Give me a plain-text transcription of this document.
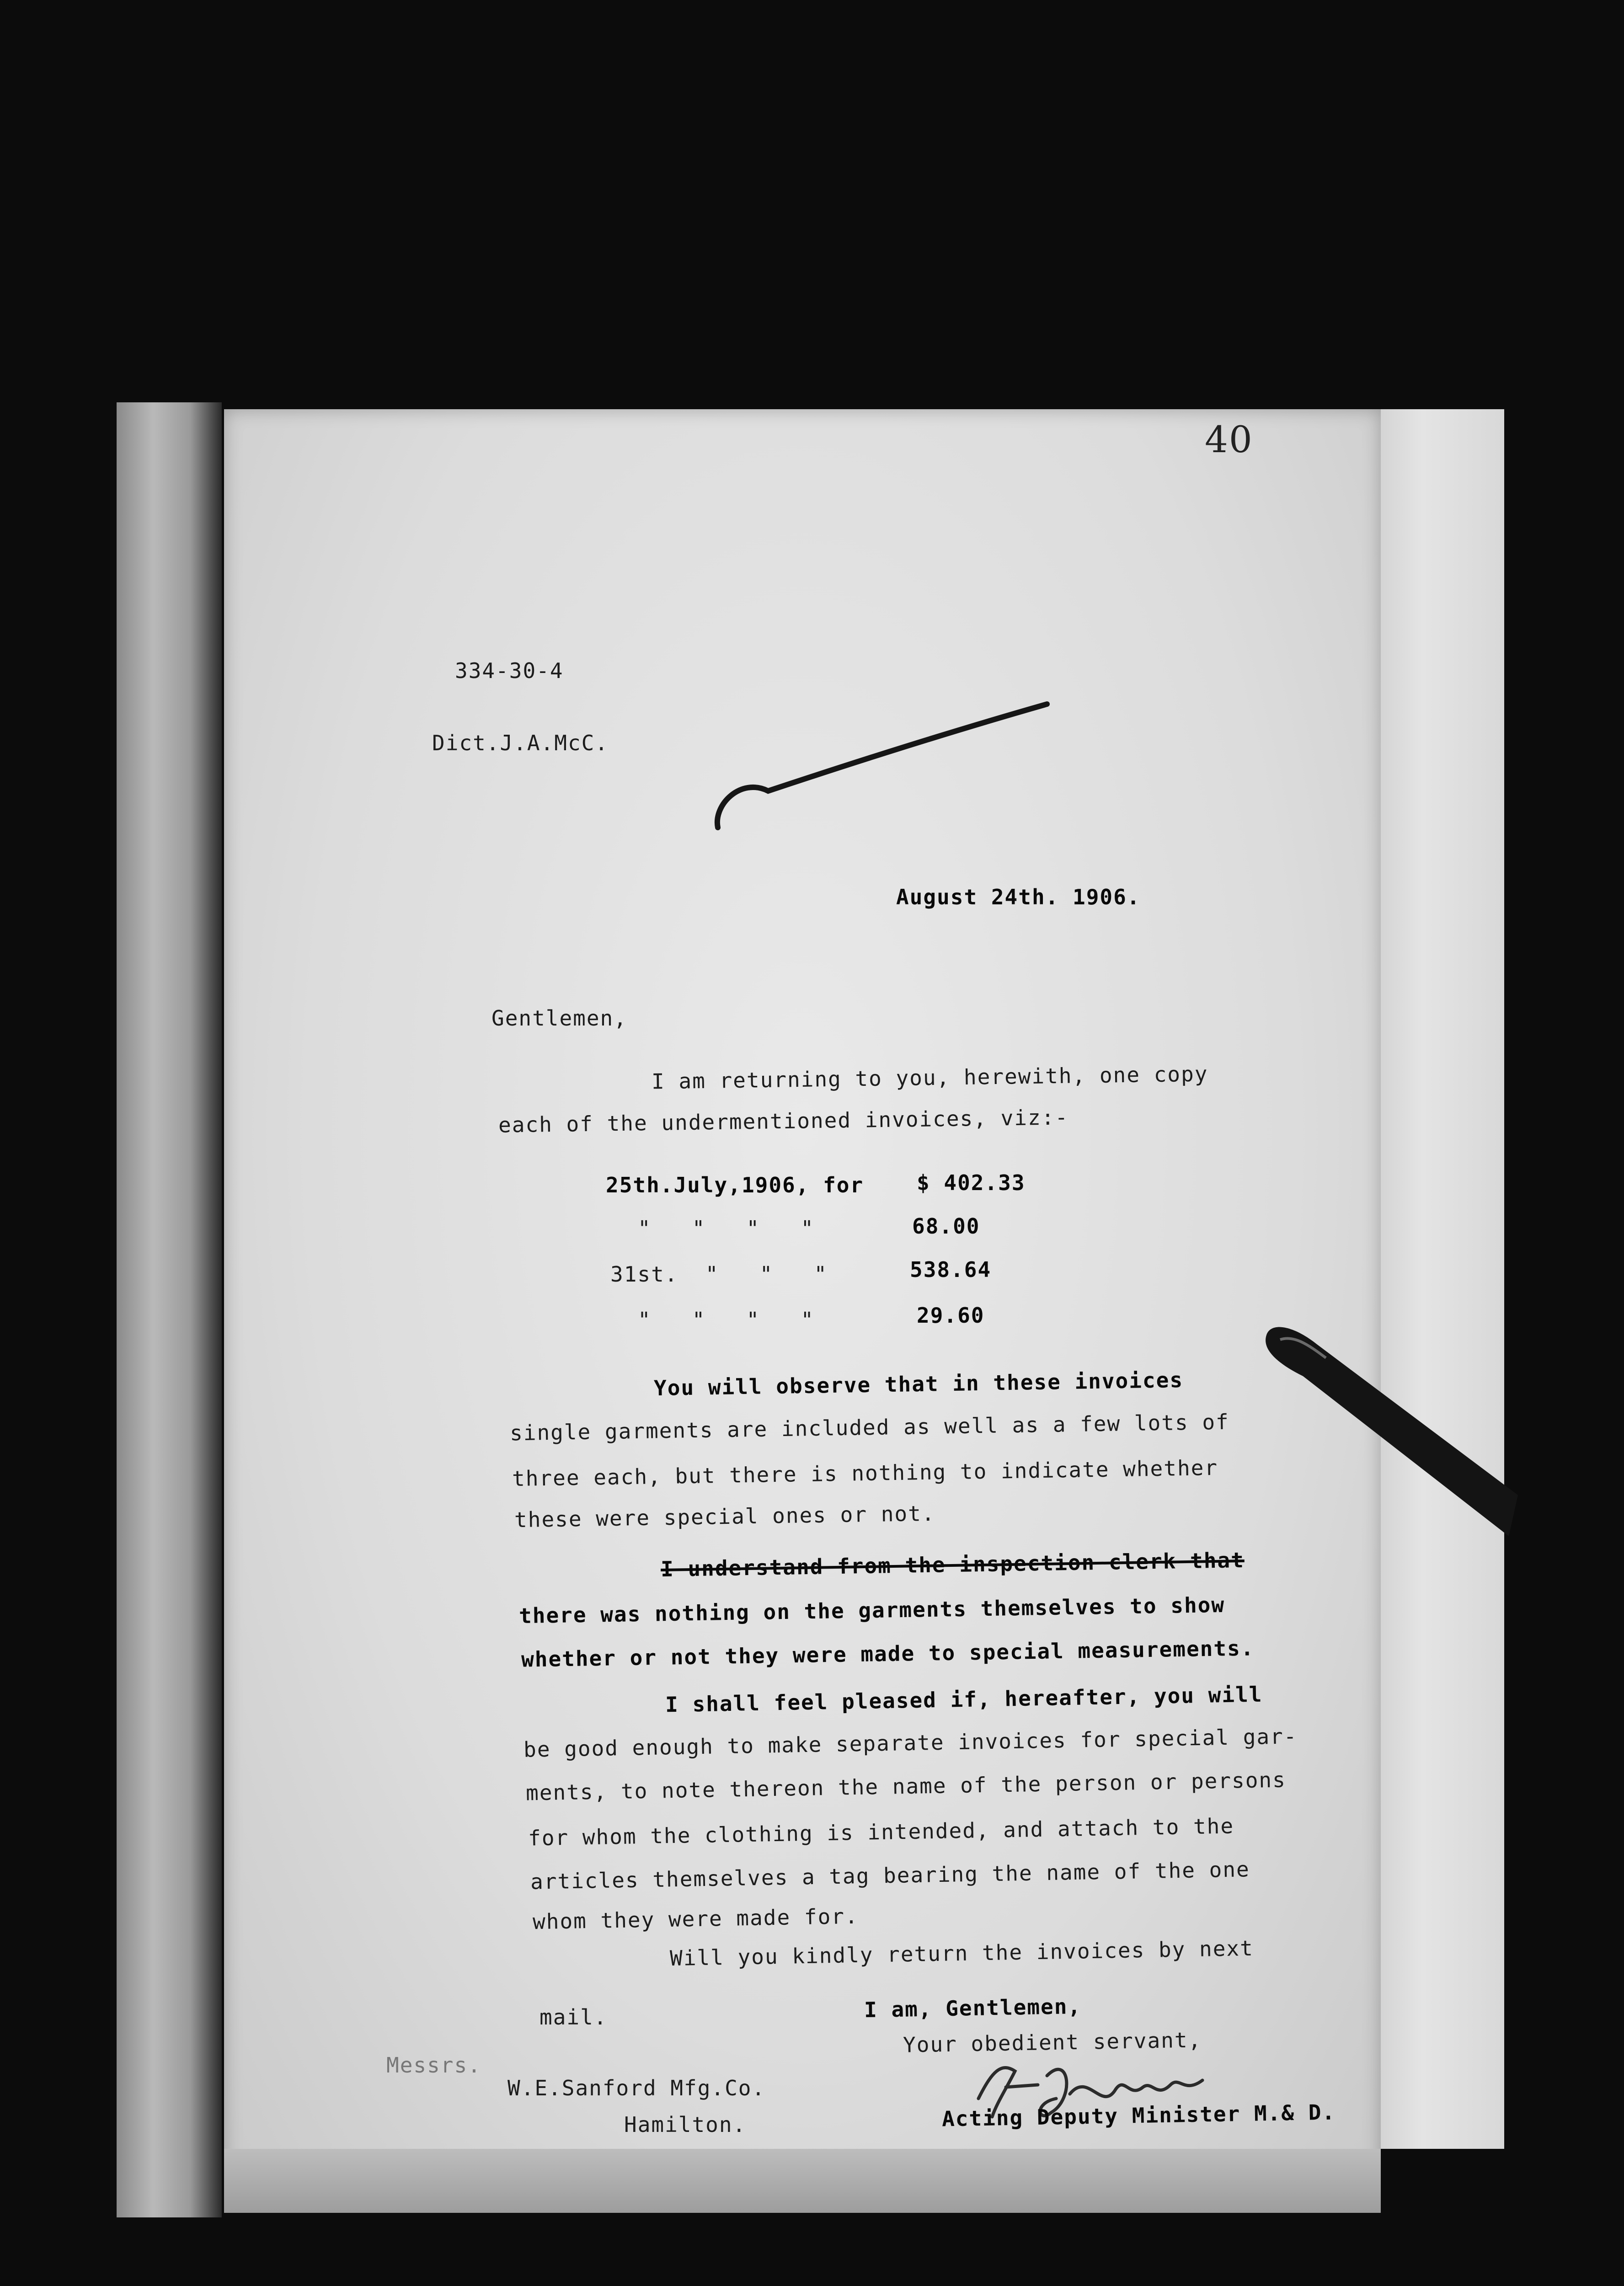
40
334-30-4
Dict.J.A.McC.
August 24th. 1906.
Gentlemen,
I am returning to you, herewith, one copy
each of the undermentioned invoices, viz:-
25th.July,1906, for	$ 402.33
"   "   "   "	68.00
31st.  "   "   "	538.64
"   "   "   "	29.60
You will observe that in these invoices
single garments are included as well as a few lots of
three each, but there is nothing to indicate whether
these were special ones or not.
I understand from the inspection clerk that
there was nothing on the garments themselves to show
whether or not they were made to special measurements.
I shall feel pleased if, hereafter, you will
be good enough to make separate invoices for special gar-
ments, to note thereon the name of the person or persons
for whom the clothing is intended, and attach to the
articles themselves a tag bearing the name of the one
whom they were made for.
Will you kindly return the invoices by next
mail.	I am, Gentlemen,
Your obedient servant,
Messrs.
W.E.Sanford Mfg.Co.
Hamilton.	Acting Deputy Minister M.& D.
